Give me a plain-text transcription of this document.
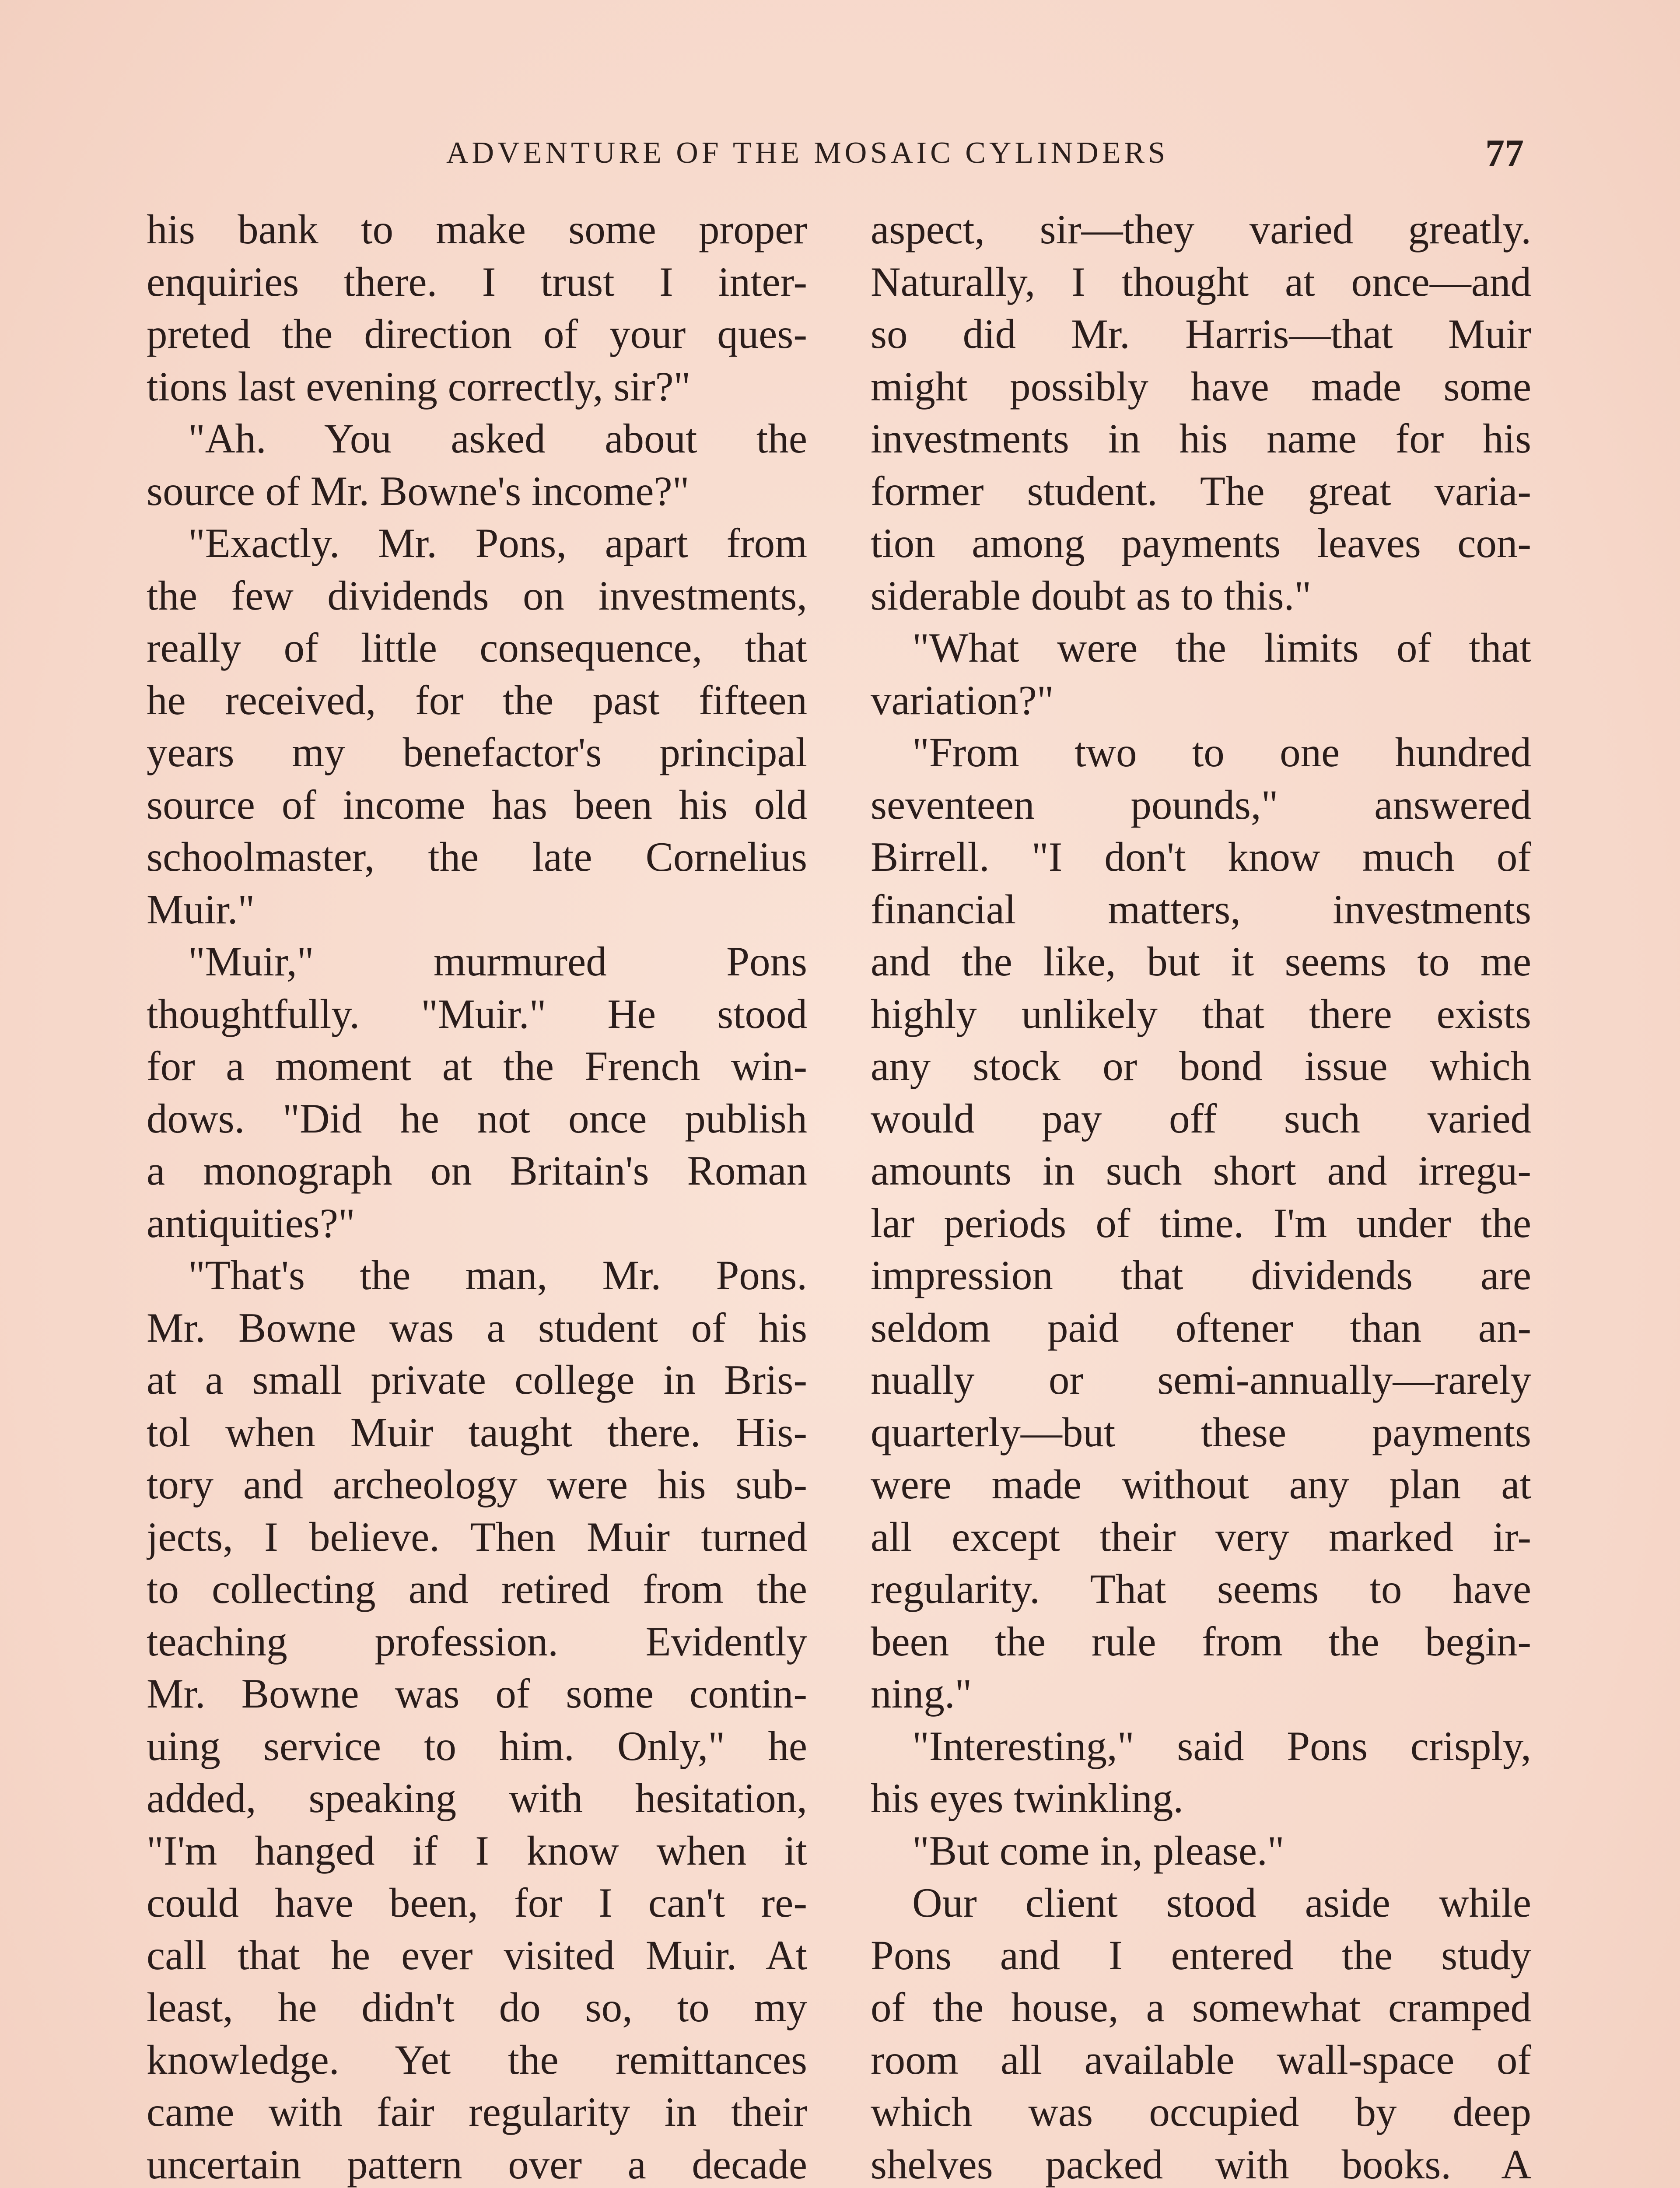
ADVENTURE OF THE MOSAIC CYLINDERS	77
his bank to make some proper
enquiries there. I trust I inter-
preted the direction of your ques-
tions last evening correctly, sir?"
"Ah. You asked about the
source of Mr. Bowne's income?"
"Exactly. Mr. Pons, apart from
the few dividends on investments,
really of little consequence, that
he received, for the past fifteen
years my benefactor's principal
source of income has been his old
schoolmaster, the late Cornelius
Muir."
"Muir," murmured Pons
thoughtfully. "Muir." He stood
for a moment at the French win-
dows. "Did he not once publish
a monograph on Britain's Roman
antiquities?"
"That's the man, Mr. Pons.
Mr. Bowne was a student of his
at a small private college in Bris-
tol when Muir taught there. His-
tory and archeology were his sub-
jects, I believe. Then Muir turned
to collecting and retired from the
teaching profession. Evidently
Mr. Bowne was of some contin-
uing service to him. Only," he
added, speaking with hesitation,
"I'm hanged if I know when it
could have been, for I can't re-
call that he ever visited Muir. At
least, he didn't do so, to my
knowledge. Yet the remittances
came with fair regularity in their
uncertain pattern over a decade
aspect, sir—they varied greatly.
Naturally, I thought at once—and
so did Mr. Harris—that Muir
might possibly have made some
investments in his name for his
former student. The great varia-
tion among payments leaves con-
siderable doubt as to this."
"What were the limits of that
variation?"
"From two to one hundred
seventeen pounds," answered
Birrell. "I don't know much of
financial matters, investments
and the like, but it seems to me
highly unlikely that there exists
any stock or bond issue which
would pay off such varied
amounts in such short and irregu-
lar periods of time. I'm under the
impression that dividends are
seldom paid oftener than an-
nually or semi-annually—rarely
quarterly—but these payments
were made without any plan at
all except their very marked ir-
regularity. That seems to have
been the rule from the begin-
ning."
"Interesting," said Pons crisply,
his eyes twinkling.
"But come in, please."
Our client stood aside while
Pons and I entered the study
of the house, a somewhat cramped
room all available wall-space of
which was occupied by deep
shelves packed with books. A
